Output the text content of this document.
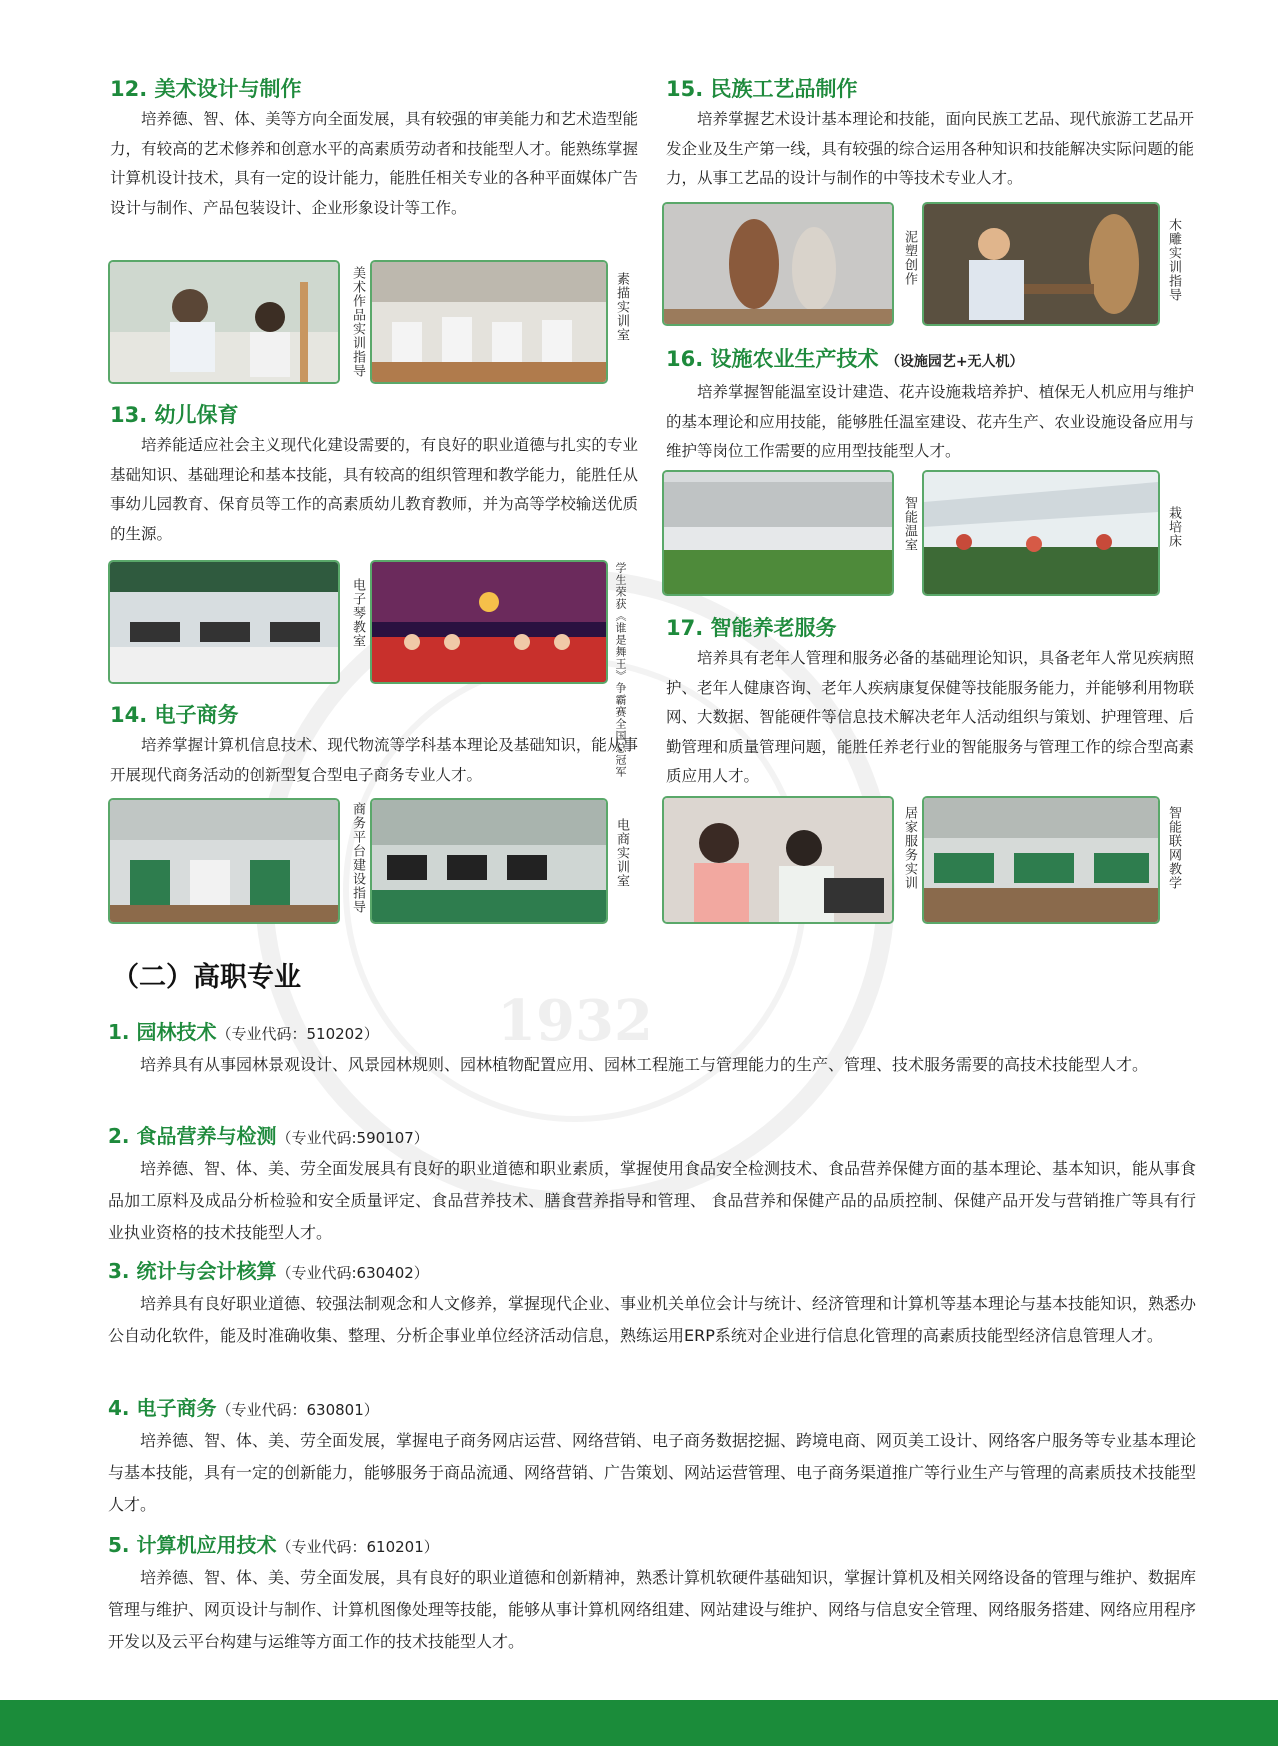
1932
12. 美术设计与制作

培养德、智、体、美等方向全面发展，具有较强的审美能力和艺术造型能力，有较高的艺术修养和创意水平的高素质劳动者和技能型人才。能熟练掌握计算机设计技术，具有一定的设计能力，能胜任相关专业的各种平面媒体广告设计与制作、产品包装设计、企业形象设计等工作。

美术作品实训指导	素描实训室
13. 幼儿保育

培养能适应社会主义现代化建设需要的，有良好的职业道德与扎实的专业基础知识、基础理论和基本技能，具有较高的组织管理和教学能力，能胜任从事幼儿园教育、保育员等工作的高素质幼儿教育教师，并为高等学校输送优质的生源。

电子琴教室	学生荣获《谁是舞王》争霸赛全国总冠军
14. 电子商务

培养掌握计算机信息技术、现代物流等学科基本理论及基础知识，能从事开展现代商务活动的创新型复合型电子商务专业人才。

商务平台建设指导	电商实训室
15. 民族工艺品制作

培养掌握艺术设计基本理论和技能，面向民族工艺品、现代旅游工艺品开发企业及生产第一线，具有较强的综合运用各种知识和技能解决实际问题的能力，从事工艺品的设计与制作的中等技术专业人才。

泥塑创作	木雕实训指导
16. 设施农业生产技术 （设施园艺+无人机）

培养掌握智能温室设计建造、花卉设施栽培养护、植保无人机应用与维护的基本理论和应用技能，能够胜任温室建设、花卉生产、农业设施设备应用与维护等岗位工作需要的应用型技能型人才。

智能温室	栽培床
17. 智能养老服务

培养具有老年人管理和服务必备的基础理论知识，具备老年人常见疾病照护、老年人健康咨询、老年人疾病康复保健等技能服务能力，并能够利用物联网、大数据、智能硬件等信息技术解决老年人活动组织与策划、护理管理、后勤管理和质量管理问题，能胜任养老行业的智能服务与管理工作的综合型高素质应用人才。

居家服务实训	智能联网教学
（二）高职专业
1. 园林技术（专业代码：510202）

培养具有从事园林景观设计、风景园林规则、园林植物配置应用、园林工程施工与管理能力的生产、管理、技术服务需要的高技术技能型人才。

2. 食品营养与检测（专业代码:590107）

培养德、智、体、美、劳全面发展具有良好的职业道德和职业素质，掌握使用食品安全检测技术、食品营养保健方面的基本理论、基本知识，能从事食品加工原料及成品分析检验和安全质量评定、食品营养技术、膳食营养指导和管理、 食品营养和保健产品的品质控制、保健产品开发与营销推广等具有行业执业资格的技术技能型人才。

3. 统计与会计核算（专业代码:630402）

培养具有良好职业道德、较强法制观念和人文修养，掌握现代企业、事业机关单位会计与统计、经济管理和计算机等基本理论与基本技能知识，熟悉办公自动化软件，能及时准确收集、整理、分析企事业单位经济活动信息，熟练运用ERP系统对企业进行信息化管理的高素质技能型经济信息管理人才。

4. 电子商务（专业代码：630801）

培养德、智、体、美、劳全面发展，掌握电子商务网店运营、网络营销、电子商务数据挖掘、跨境电商、网页美工设计、网络客户服务等专业基本理论与基本技能，具有一定的创新能力，能够服务于商品流通、网络营销、广告策划、网站运营管理、电子商务渠道推广等行业生产与管理的高素质技术技能型人才。

5. 计算机应用技术（专业代码：610201）

培养德、智、体、美、劳全面发展，具有良好的职业道德和创新精神，熟悉计算机软硬件基础知识，掌握计算机及相关网络设备的管理与维护、数据库管理与维护、网页设计与制作、计算机图像处理等技能，能够从事计算机网络组建、网站建设与维护、网络与信息安全管理、网络服务搭建、网络应用程序开发以及云平台构建与运维等方面工作的技术技能型人才。
